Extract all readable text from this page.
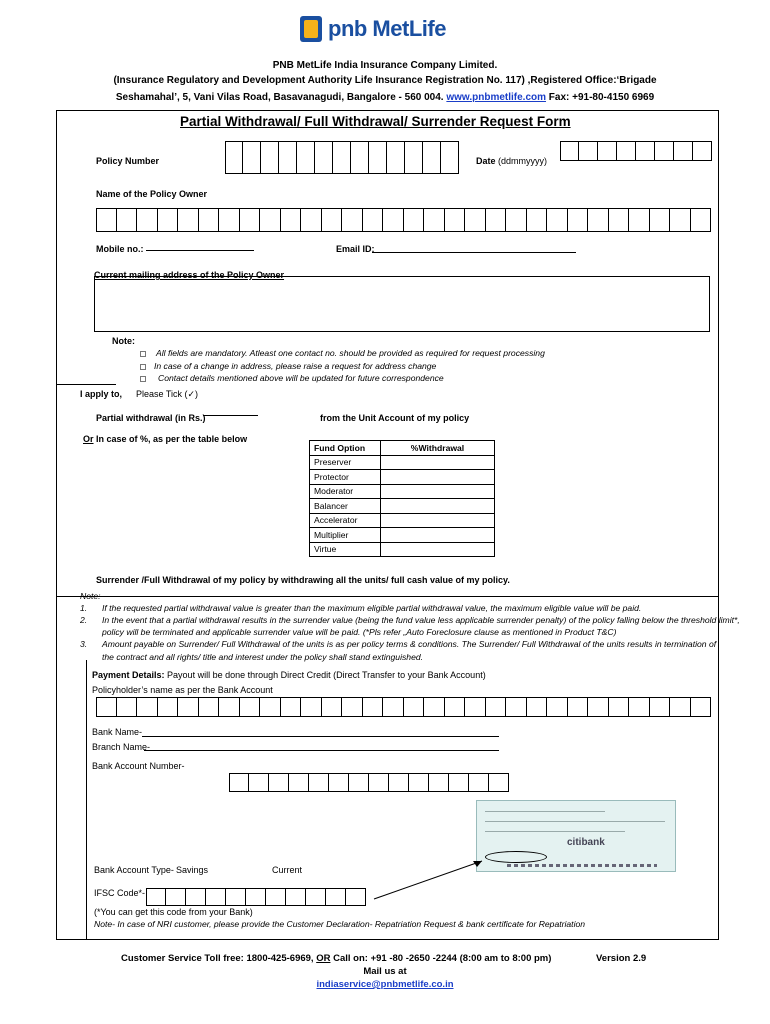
pnb MetLife
PNB MetLife India Insurance Company Limited.
(Insurance Regulatory and Development Authority Life Insurance Registration No. 117) ,Registered Office:‘Brigade
Seshamahal’, 5, Vani Vilas Road, Basavanagudi, Bangalore - 560 004. www.pnbmetlife.com Fax: +91-80-4150 6969
Partial Withdrawal/ Full Withdrawal/ Surrender Request Form
Policy Number	Date (ddmmyyyy)
Name of the Policy Owner
Mobile no.:	Email ID:
Current mailing address of the Policy Owner
Note:
All fields are mandatory. Atleast one contact no. should be provided as required for request processing
In case of a change in address, please raise a request for address change
Contact details mentioned above will be updated for future correspondence
I apply to, Please Tick (✓)
Partial withdrawal (in Rs.)	from the Unit Account of my policy
Or In case of %, as per the table below
Fund Option	%Withdrawal
Preserver	
Protector	
Moderator	
Balancer	
Accelerator	
Multiplier	
Virtue	
Surrender /Full Withdrawal of my policy by withdrawing all the units/ full cash value of my policy.
Note:
1. If the requested partial withdrawal value is greater than the maximum eligible partial withdrawal value, the maximum eligible value will be paid.
2. In the event that a partial withdrawal results in the surrender value (being the fund value less applicable surrender penalty) of the policy falling below the threshold limit*,
policy will be terminated and applicable surrender value will be paid. (*Pls refer „Auto Foreclosure clause as mentioned in Product T&C)
3. Amount payable on Surrender/ Full Withdrawal of the units is as per policy terms & conditions. The Surrender/ Full Withdrawal of the units results in termination of
the contract and all rights/ title and interest under the policy shall stand extinguished.
Payment Details: Payout will be done through Direct Credit (Direct Transfer to your Bank Account)
Policyholder’s name as per the Bank Account
Bank Name-
Branch Name-
Bank Account Number-
citibank
Bank Account Type- Savings	Current
IFSC Code*-
(*You can get this code from your Bank)
Note- In case of NRI customer, please provide the Customer Declaration- Repatriation Request & bank certificate for Repatriation
Customer Service Toll free: 1800-425-6969, OR Call on: +91 -80 -2650 -2244 (8:00 am to 8:00 pm)	Version 2.9
Mail us at
indiaservice@pnbmetlife.co.in
